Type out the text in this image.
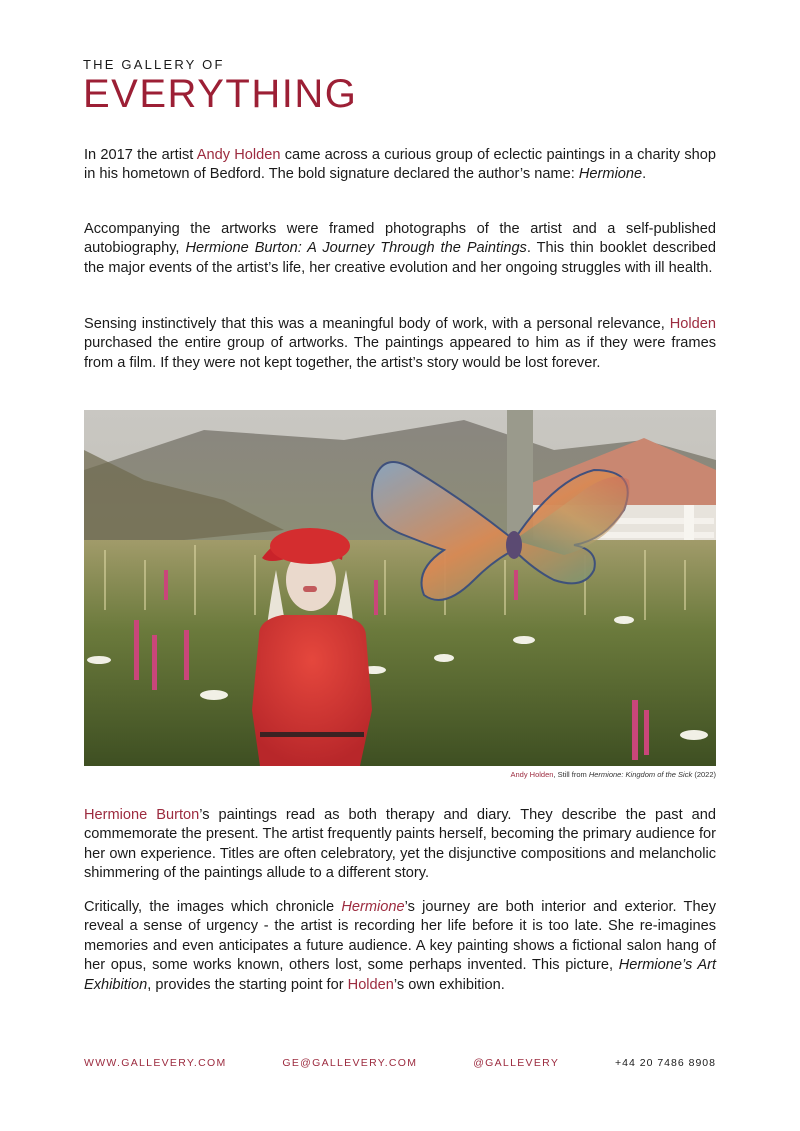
THE GALLERY OF
EVERYTHING
In 2017 the artist Andy Holden came across a curious group of eclectic paintings in a charity shop in his hometown of Bedford. The bold signature declared the author’s name: Hermione.
Accompanying the artworks were framed photographs of the artist and a self-published autobiography, Hermione Burton: A Journey Through the Paintings. This thin booklet described the major events of the artist’s life, her creative evolution and her ongoing struggles with ill health.
Sensing instinctively that this was a meaningful body of work, with a personal relevance, Holden purchased the entire group of artworks. The paintings appeared to him as if they were frames from a film. If they were not kept together, the artist’s story would be lost forever.
Andy Holden, Still from Hermione: Kingdom of the Sick (2022)
Hermione Burton’s paintings read as both therapy and diary. They describe the past and commemorate the present. The artist frequently paints herself, becoming the primary audience for her own experience. Titles are often celebratory, yet the disjunctive compositions and melancholic shimmering of the paintings allude to a different story.
Critically, the images which chronicle Hermione’s journey are both interior and exterior. They reveal a sense of urgency - the artist is recording her life before it is too late. She re-imagines memories and even anticipates a future audience. A key painting shows a fictional salon hang of her opus, some works known, others lost, some perhaps invented. This picture, Hermione’s Art Exhibition, provides the starting point for Holden’s own exhibition.
WWW.GALLEVERY.COM	GE@GALLEVERY.COM	@GALLEVERY	+44 20 7486 8908
